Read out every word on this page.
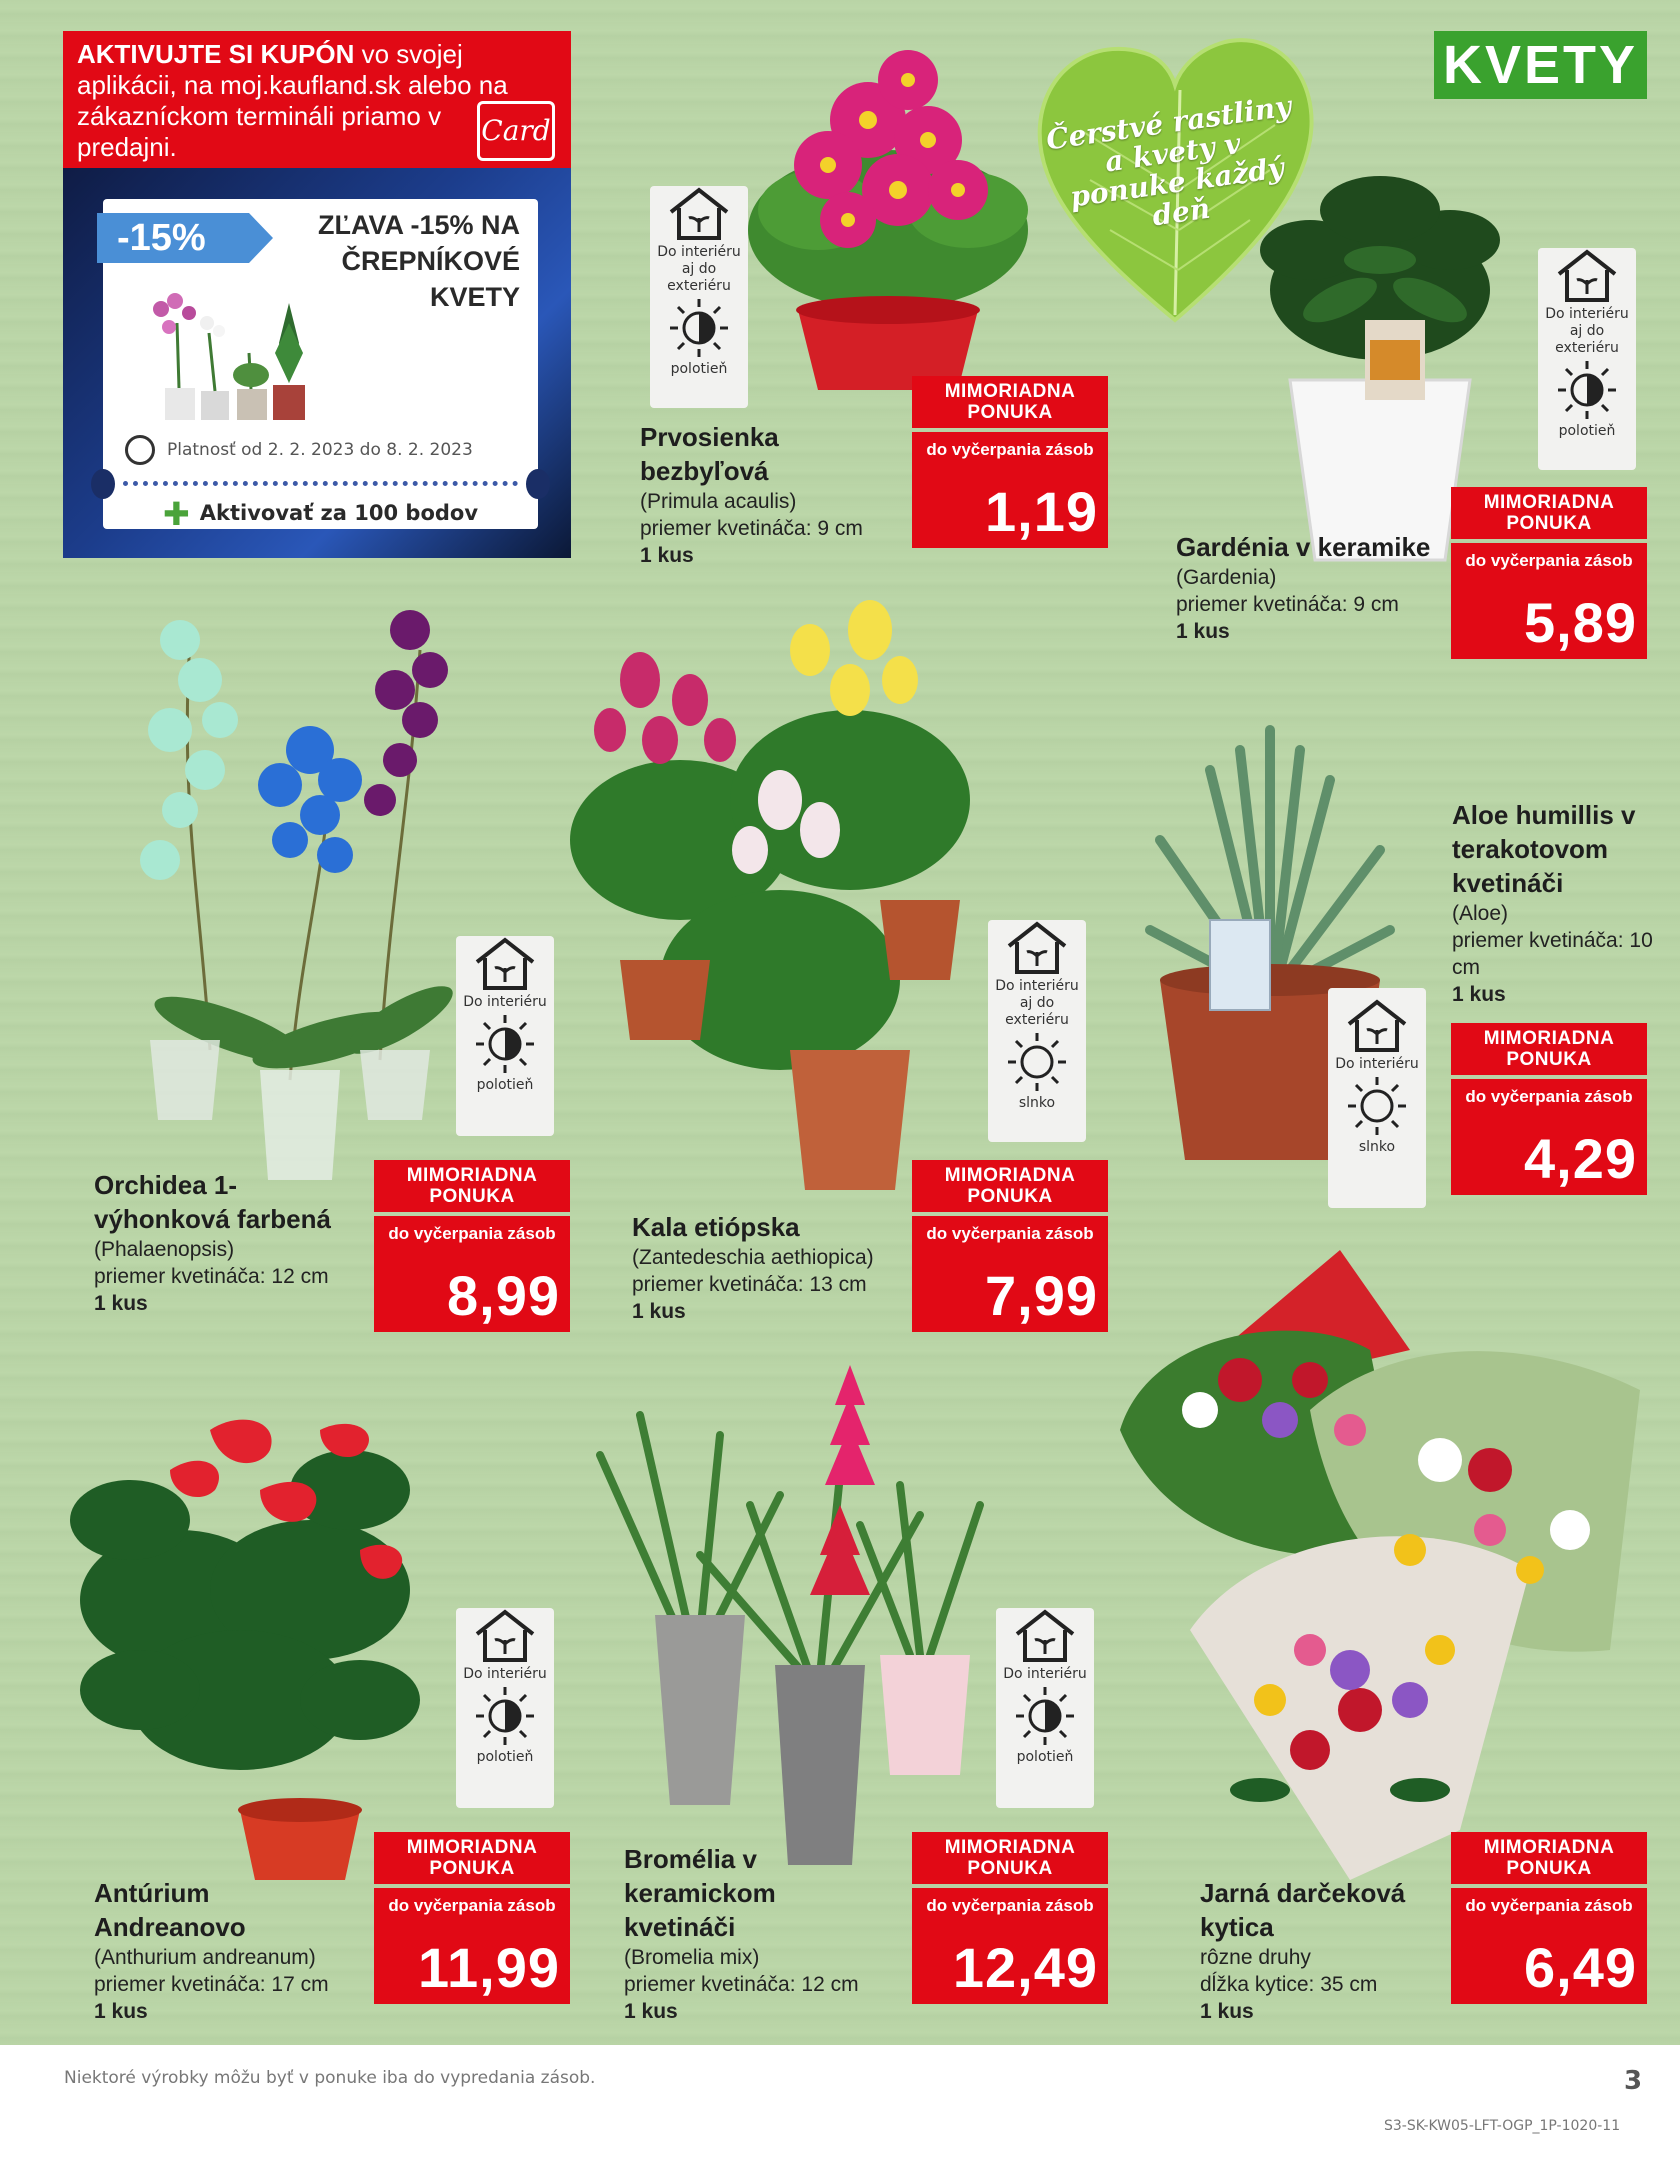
AKTIVUJTE SI KUPÓN vo svojej aplikácii, na moj.kaufland.sk alebo na zákazníckom termináli priamo v predajni.	Card
-15%	ZĽAVA -15% NA ČREPNÍKOVÉ KVETY
Platnosť od 2. 2. 2023 do 8. 2. 2023
✚ Aktivovať za 100 bodov
KVETY
Čerstvé rastliny a kvety v ponuke každý deň
Do interiéru aj do exteriéru
polotieň
Do interiéru aj do exteriéru
polotieň
Do interiéru
polotieň
Do interiéru aj do exteriéru
slnko
Do interiéru
slnko
Do interiéru
polotieň
Do interiéru
polotieň
Prvosienka bezbyľová
(Primula acaulis)
priemer kvetináča: 9 cm
1 kus	Gardénia v keramike
(Gardenia)
priemer kvetináča: 9 cm
1 kus
Orchidea 1-výhonková farbená
(Phalaenopsis)
priemer kvetináča: 12 cm
1 kus
Kala etiópska
(Zantedeschia aethiopica)
priemer kvetináča: 13 cm
1 kus
Aloe humillis v terakotovom kvetináči
(Aloe)
priemer kvetináča: 10 cm
1 kus
Antúrium Andreanovo
(Anthurium andreanum)
priemer kvetináča: 17 cm
1 kus
Bromélia v keramickom kvetináči
(Bromelia mix)
priemer kvetináča: 12 cm
1 kus
Jarná darčeková kytica
rôzne druhy
dĺžka kytice: 35 cm
1 kus
MIMORIADNA PONUKA
do vyčerpania zásob
1,19	MIMORIADNA PONUKA
do vyčerpania zásob
5,89
MIMORIADNA PONUKA
do vyčerpania zásob
8,99
MIMORIADNA PONUKA
do vyčerpania zásob
7,99
MIMORIADNA PONUKA
do vyčerpania zásob
4,29
MIMORIADNA PONUKA
do vyčerpania zásob
11,99
MIMORIADNA PONUKA
do vyčerpania zásob
12,49
MIMORIADNA PONUKA
do vyčerpania zásob
6,49
Niektoré výrobky môžu byť v ponuke iba do vypredania zásob.	3
S3-SK-KW05-LFT-OGP_1P-1020-11
